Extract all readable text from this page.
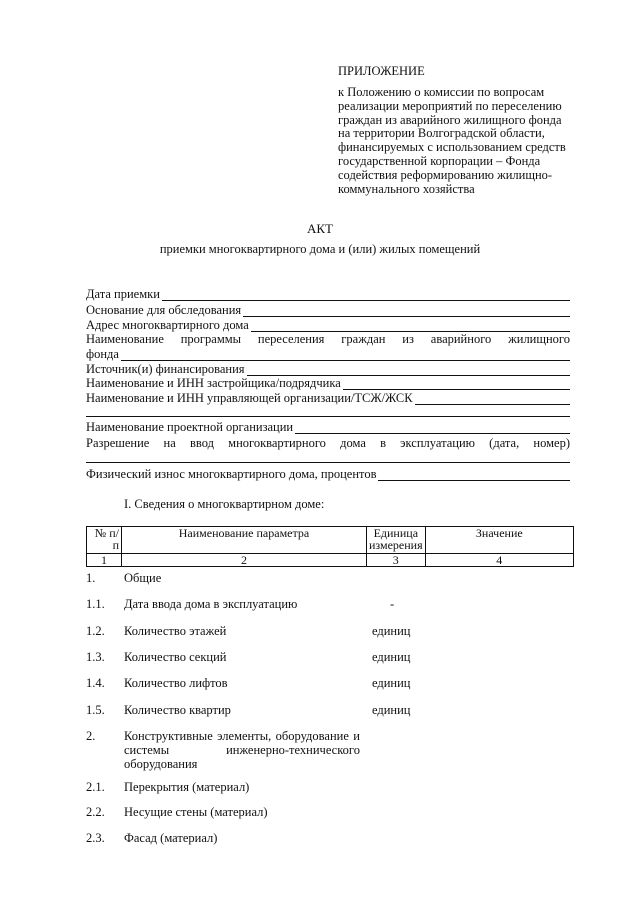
ПРИЛОЖЕНИЕ
к Положению о комиссии по вопросам
реализации мероприятий по переселению
граждан из аварийного жилищного фонда
на территории Волгоградской области,
финансируемых с использованием средств
государственной корпорации – Фонда
содействия реформированию жилищно-
коммунального хозяйства
АКТ
приемки многоквартирного дома и (или) жилых помещений
Дата приемки
Основание для обследования
Адрес многоквартирного дома
Наименование программы переселения граждан из аварийного жилищного
фонда
Источник(и) финансирования
Наименование и ИНН застройщика/подрядчика
Наименование и ИНН управляющей организации/ТСЖ/ЖСК
Наименование проектной организации
Разрешение на ввод многоквартирного дома в эксплуатацию (дата, номер)
Физический износ многоквартирного дома, процентов
I. Сведения о многоквартирном доме:
№ п/п	Наименование параметра	Единица измерения	Значение
1	2	3	4
1. Общие
1.1. Дата ввода дома в эксплуатацию	-
1.2. Количество этажей	единиц
1.3. Количество секций	единиц
1.4. Количество лифтов	единиц
1.5. Количество квартир	единиц
2. Конструктивные элементы, оборудование и системы инженерно-технического оборудования
2.1. Перекрытия (материал)
2.2. Несущие стены (материал)
2.3. Фасад (материал)
